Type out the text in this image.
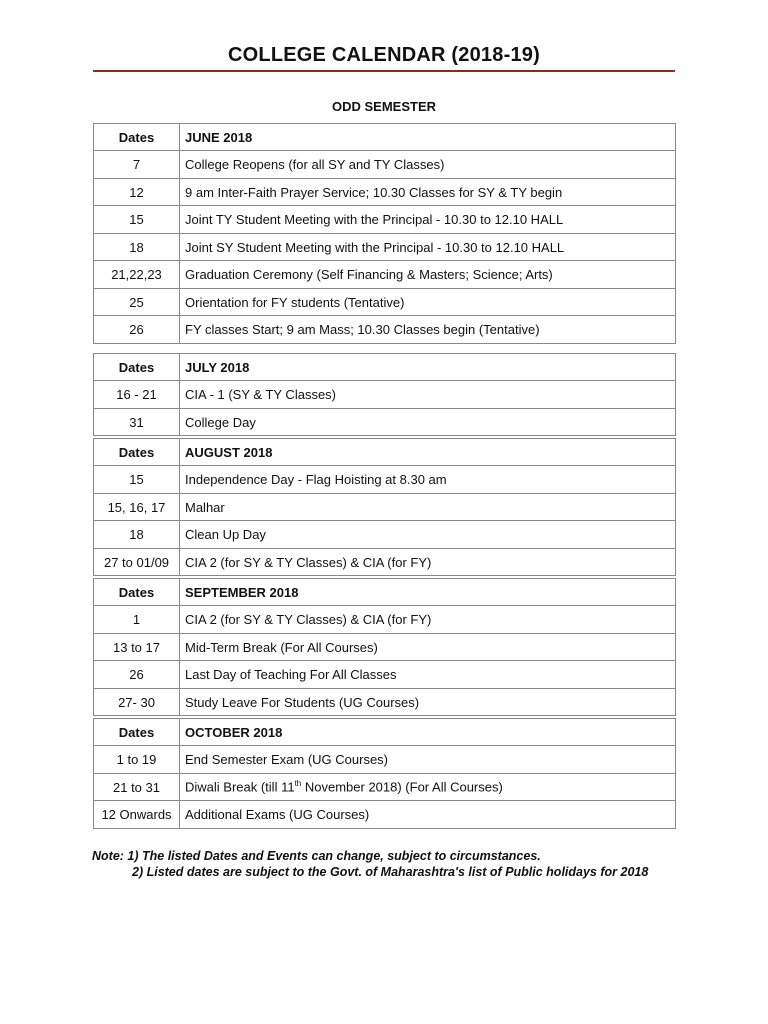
COLLEGE CALENDAR (2018-19)
ODD SEMESTER
Dates	JUNE 2018
7	College Reopens (for all SY and TY Classes)
12	9 am Inter-Faith Prayer Service; 10.30 Classes for SY & TY begin
15	Joint TY Student Meeting with the Principal - 10.30 to 12.10 HALL
18	Joint SY Student Meeting with the Principal - 10.30 to 12.10 HALL
21,22,23	Graduation Ceremony (Self Financing & Masters; Science; Arts)
25	Orientation for FY students (Tentative)
26	FY classes Start; 9 am Mass; 10.30 Classes begin (Tentative)
Dates	JULY 2018
16 - 21	CIA - 1 (SY & TY Classes)
31	College Day
Dates	AUGUST 2018
15	Independence Day - Flag Hoisting at 8.30 am
15, 16, 17	Malhar
18	Clean Up Day
27 to 01/09	CIA 2 (for SY & TY Classes) & CIA (for FY)
Dates	SEPTEMBER 2018
1	CIA 2 (for SY & TY Classes) & CIA (for FY)
13 to 17	Mid-Term Break (For All Courses)
26	Last Day of Teaching For All Classes
27- 30	Study Leave For Students (UG Courses)
Dates	OCTOBER 2018
1 to 19	End Semester Exam (UG Courses)
21 to 31	Diwali Break (till 11th November 2018) (For All Courses)
12 Onwards	Additional Exams (UG Courses)
Note: 1) The listed Dates and Events can change, subject to circumstances.
2) Listed dates are subject to the Govt. of Maharashtra's list of Public holidays for 2018
